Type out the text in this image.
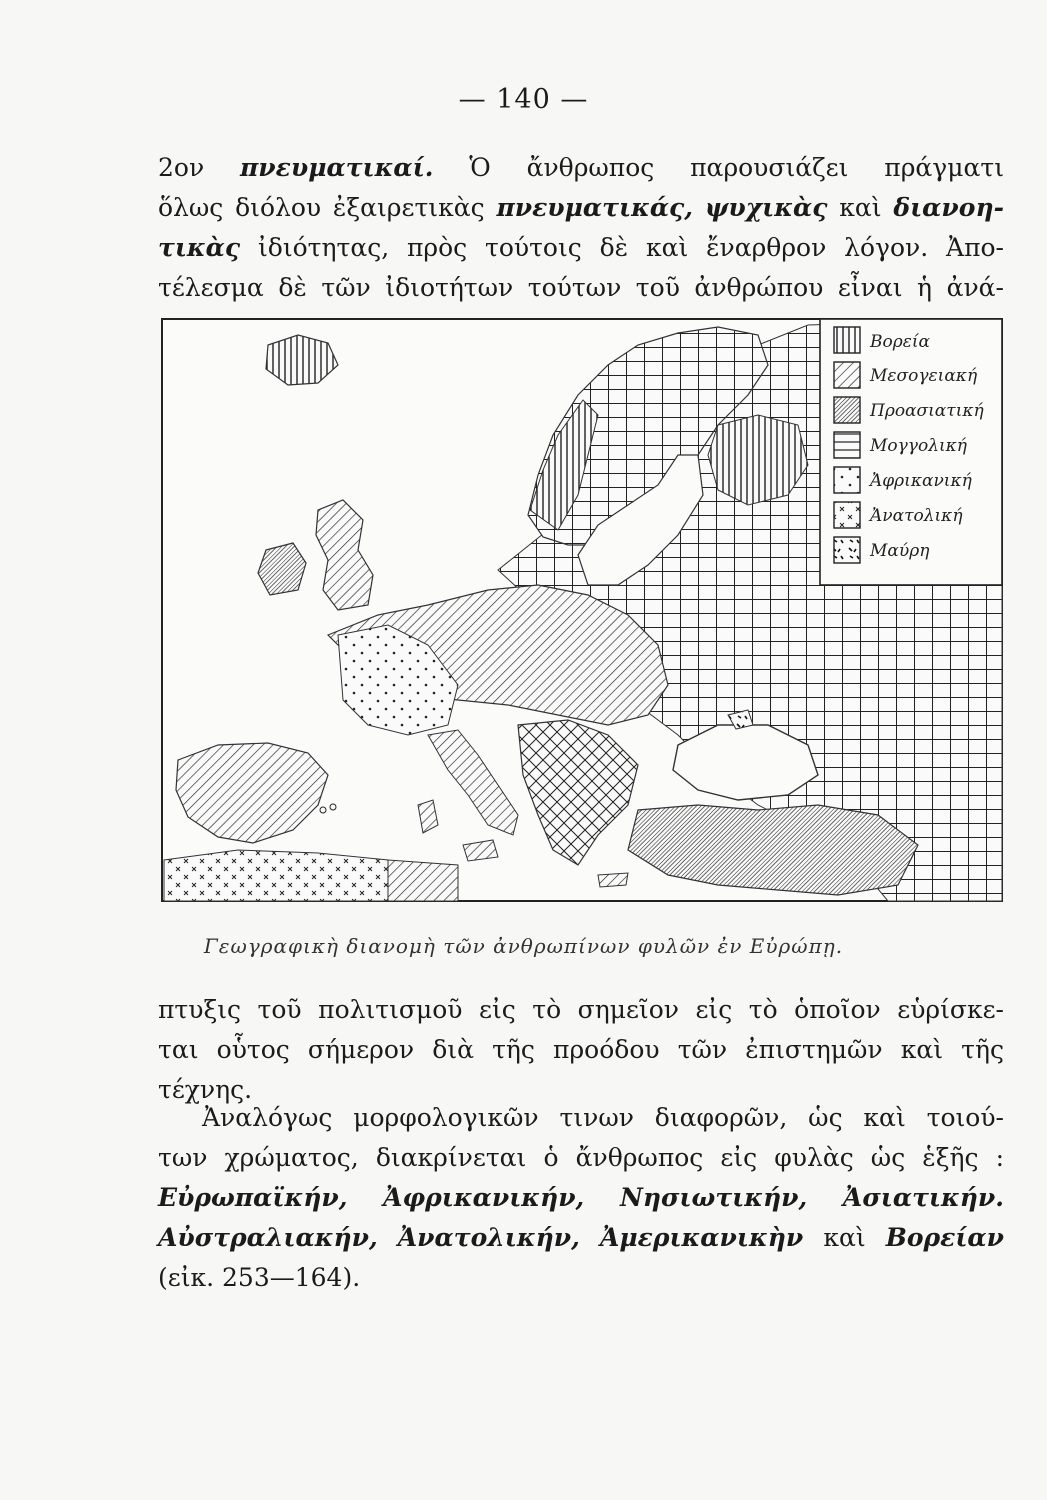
— 140 —
2ον πνευματικαί. Ὁ ἄνθρωπος παρουσιάζει πράγματι
ὅλως διόλου ἐξαιρετικὰς πνευματικάς, ψυχικὰς καὶ διανοη-
τικὰς ἰδιότητας, πρὸς τούτοις δὲ καὶ ἔναρθρον λόγον. Ἀπο-
τέλεσμα δὲ τῶν ἰδιοτήτων τούτων τοῦ ἀνθρώπου εἶναι ἡ ἀνά-
Βορεία
Μεσογειακή
Προασιατική
Μογγολική
Ἀφρικανική
Ἀνατολική
Μαύρη
Γεωγραφικὴ διανομὴ τῶν ἀνθρωπίνων φυλῶν ἐν Εὐρώπῃ.
πτυξις τοῦ πολιτισμοῦ εἰς τὸ σημεῖον εἰς τὸ ὁποῖον εὑρίσκε-
ται οὗτος σήμερον διὰ τῆς προόδου τῶν ἐπιστημῶν καὶ τῆς
τέχνης.
Ἀναλόγως μορφολογικῶν τινων διαφορῶν, ὡς καὶ τοιού-
των χρώματος, διακρίνεται ὁ ἄνθρωπος εἰς φυλὰς ὡς ἑξῆς :
Εὐρωπαϊκήν, Ἀφρικανικήν, Νησιωτικήν, Ἀσιατικήν.
Αὐστραλιακήν, Ἀνατολικήν, Ἀμερικανικὴν καὶ Βορείαν
(εἰκ. 253—164).
